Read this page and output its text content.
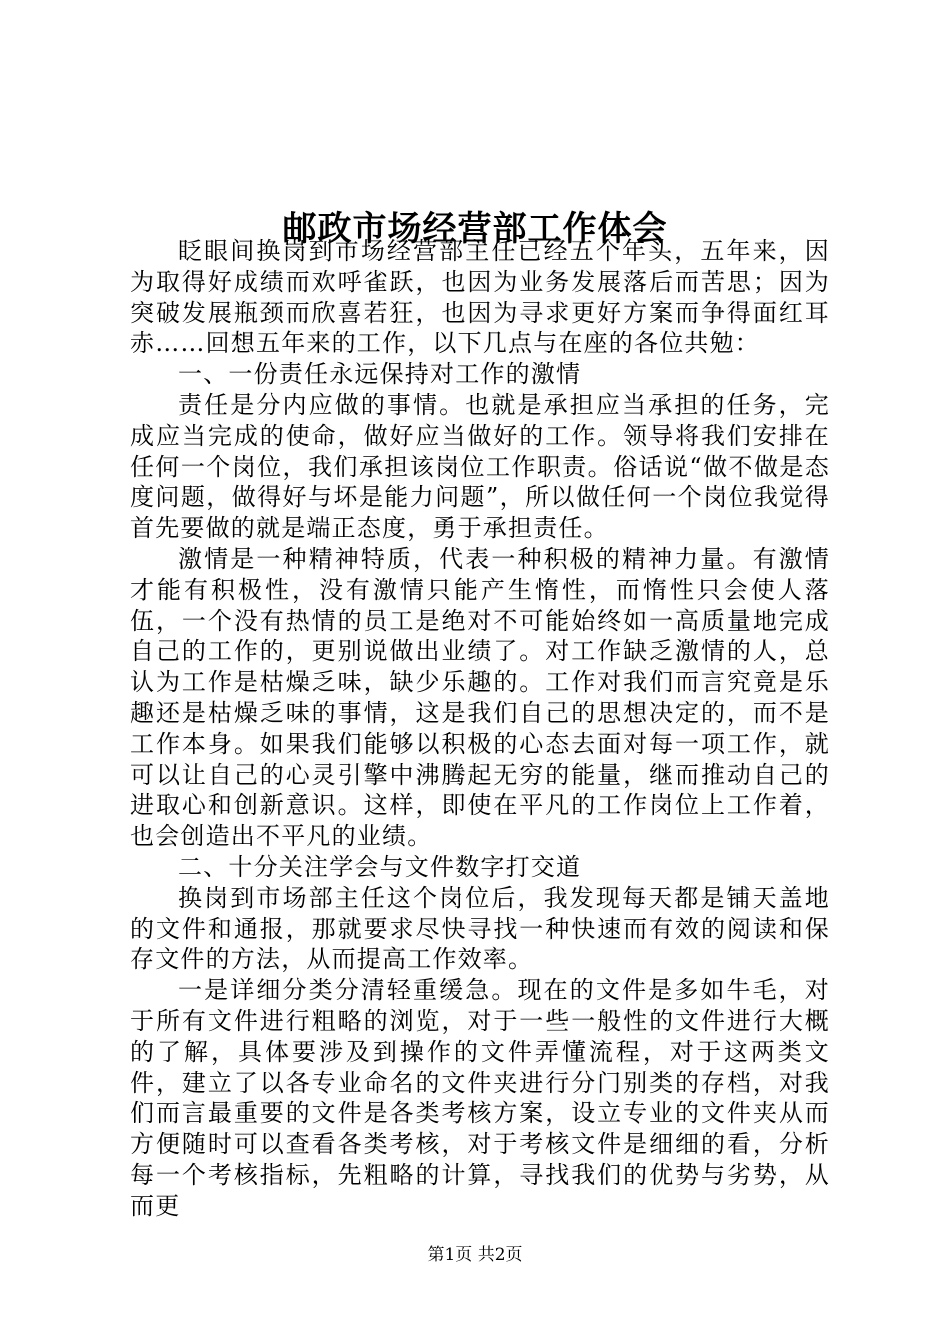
邮政市场经营部工作体会

眨眼间换岗到市场经营部主任已经五个年头，五年来，因为取得好成绩而欢呼雀跃，也因为业务发展落后而苦思；因为突破发展瓶颈而欣喜若狂，也因为寻求更好方案而争得面红耳赤……回想五年来的工作，以下几点与在座的各位共勉：

一、一份责任永远保持对工作的激情

责任是分内应做的事情。也就是承担应当承担的任务，完成应当完成的使命，做好应当做好的工作。领导将我们安排在任何一个岗位，我们承担该岗位工作职责。俗话说“做不做是态度问题，做得好与坏是能力问题”，所以做任何一个岗位我觉得首先要做的就是端正态度，勇于承担责任。

激情是一种精神特质，代表一种积极的精神力量。有激情才能有积极性，没有激情只能产生惰性，而惰性只会使人落伍，一个没有热情的员工是绝对不可能始终如一高质量地完成自己的工作的，更别说做出业绩了。对工作缺乏激情的人，总认为工作是枯燥乏味，缺少乐趣的。工作对我们而言究竟是乐趣还是枯燥乏味的事情，这是我们自己的思想决定的，而不是工作本身。如果我们能够以积极的心态去面对每一项工作，就可以让自己的心灵引擎中沸腾起无穷的能量，继而推动自己的进取心和创新意识。这样，即使在平凡的工作岗位上工作着，也会创造出不平凡的业绩。

二、十分关注学会与文件数字打交道

换岗到市场部主任这个岗位后，我发现每天都是铺天盖地的文件和通报，那就要求尽快寻找一种快速而有效的阅读和保存文件的方法，从而提高工作效率。

一是详细分类分清轻重缓急。现在的文件是多如牛毛，对于所有文件进行粗略的浏览，对于一些一般性的文件进行大概的了解，具体要涉及到操作的文件弄懂流程，对于这两类文件，建立了以各专业命名的文件夹进行分门别类的存档，对我们而言最重要的文件是各类考核方案，设立专业的文件夹从而方便随时可以查看各类考核，对于考核文件是细细的看，分析每一个考核指标，先粗略的计算，寻找我们的优势与劣势，从而更

第1页 共2页
